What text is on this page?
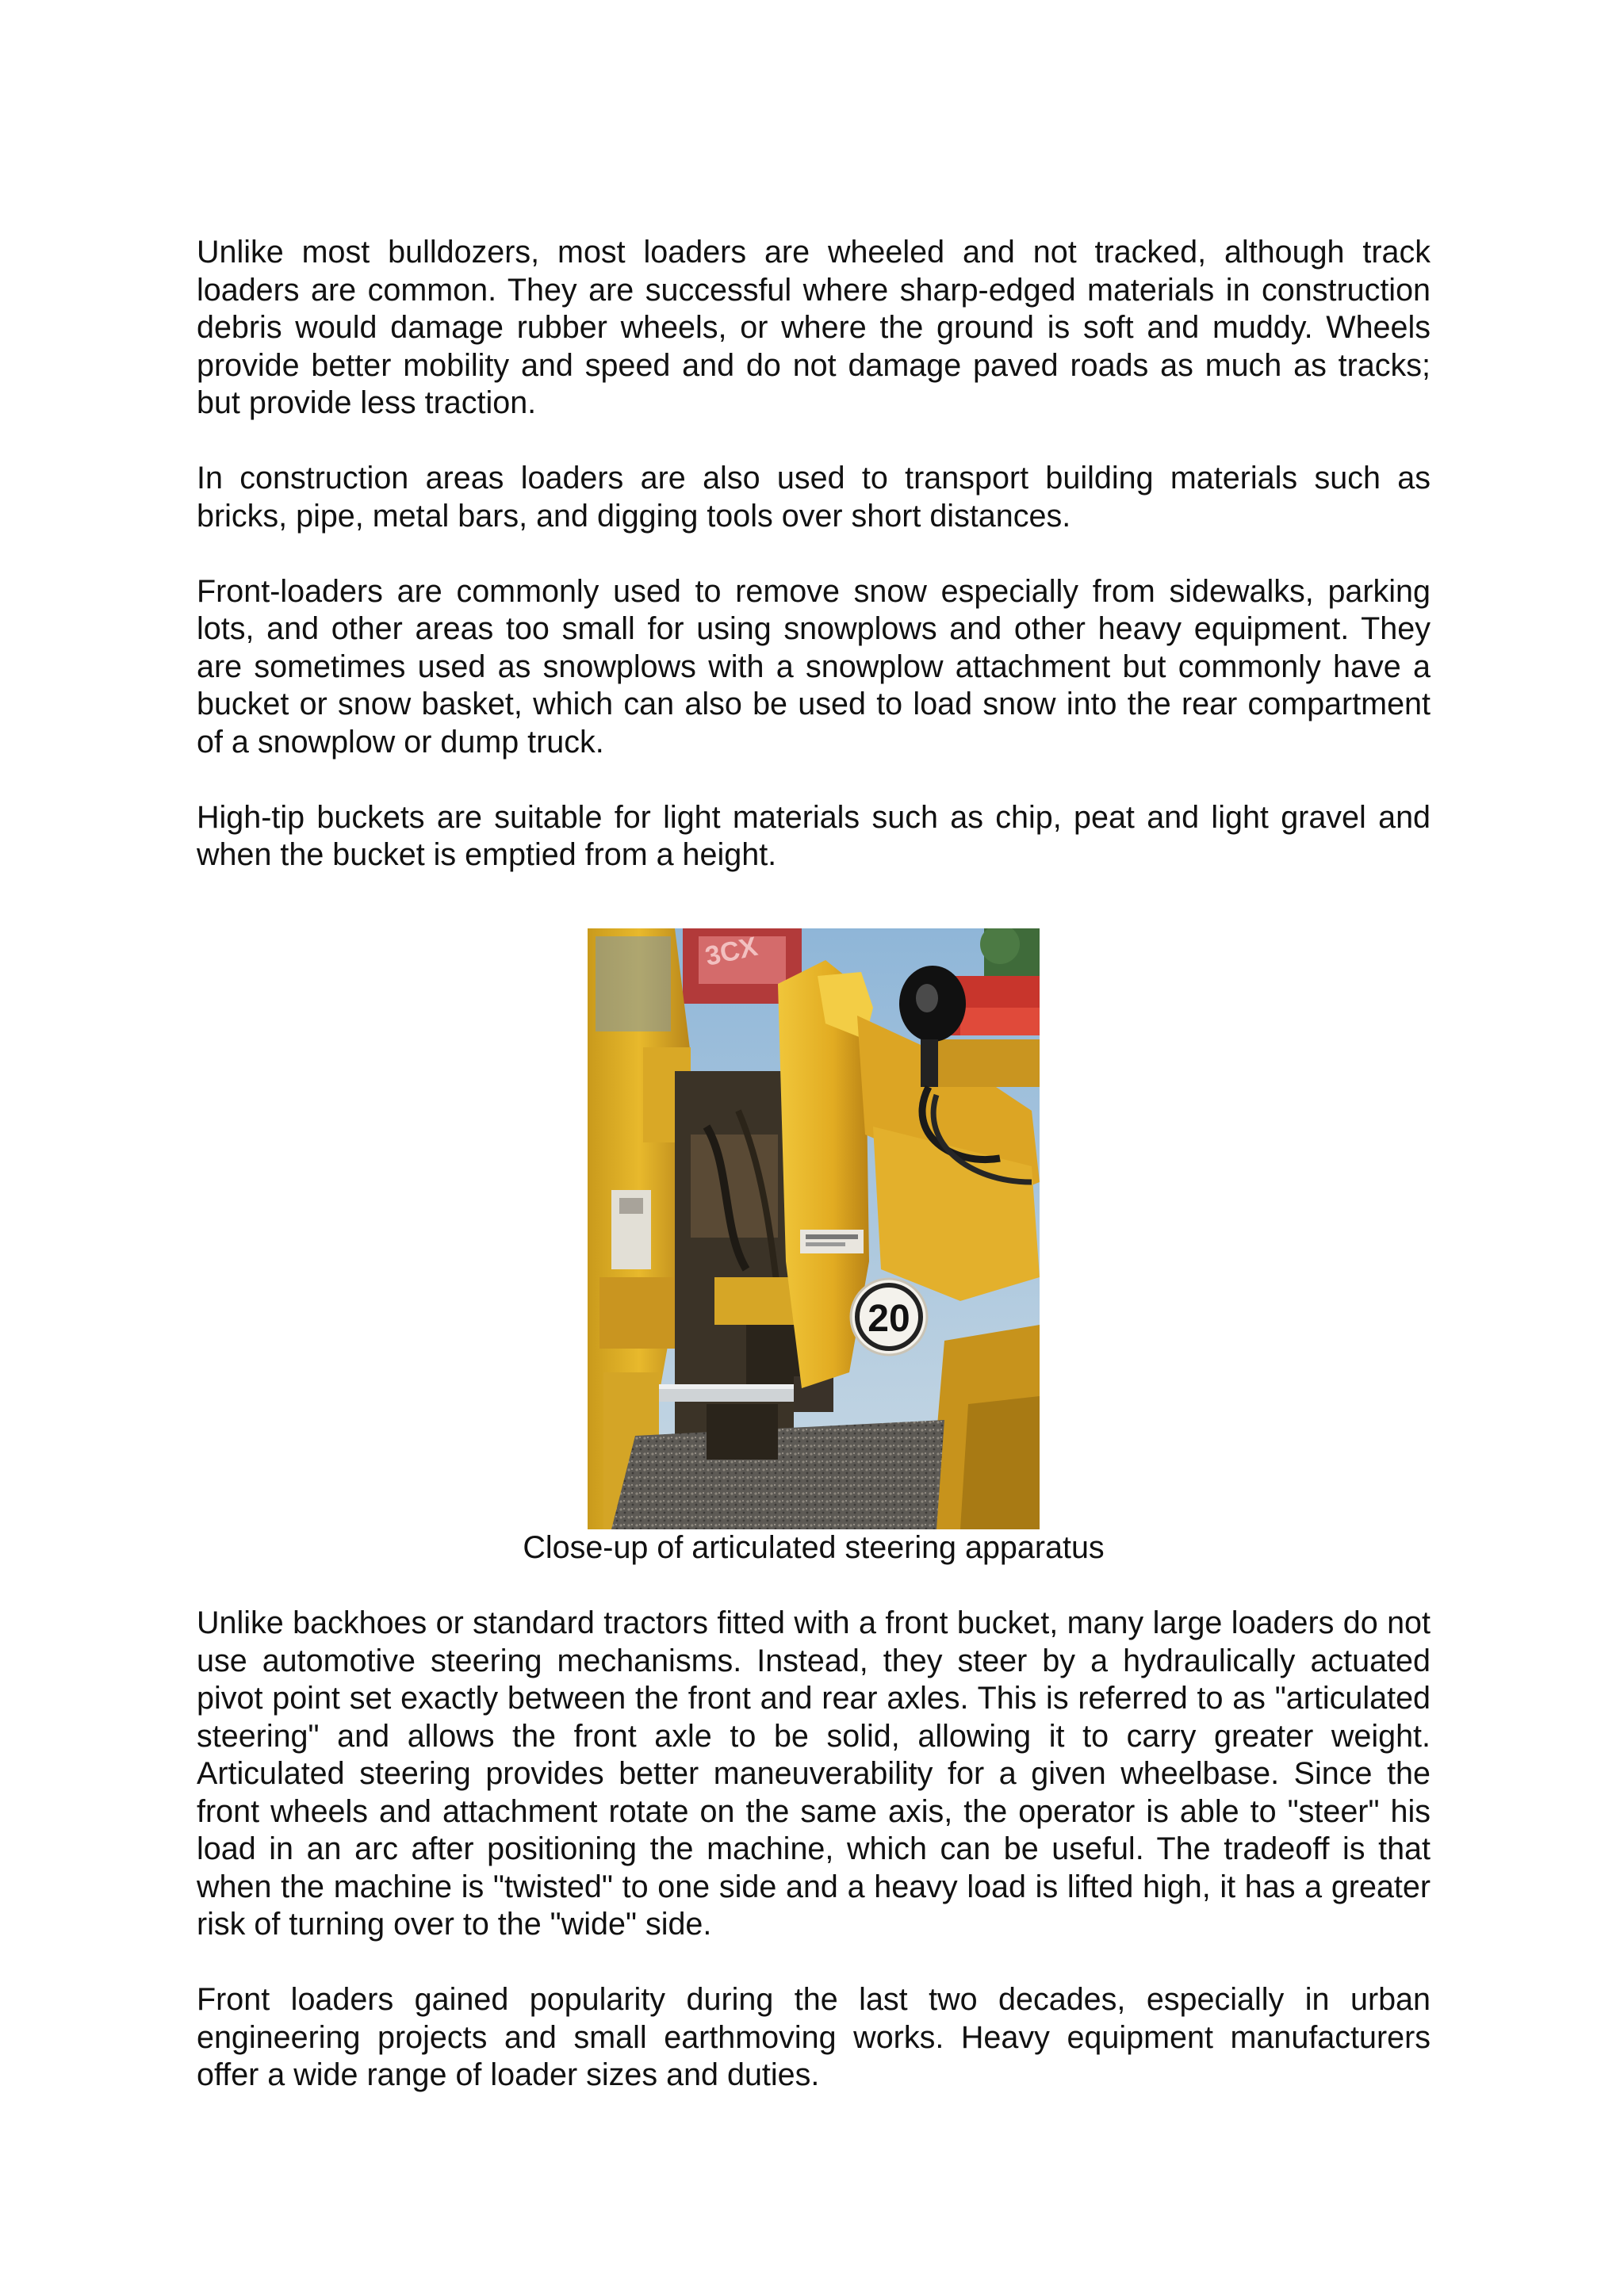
Unlike most bulldozers, most loaders are wheeled and not tracked, although track loaders are common. They are successful where sharp-edged materials in construction debris would damage rubber wheels, or where the ground is soft and muddy. Wheels provide better mobility and speed and do not damage paved roads as much as tracks; but provide less traction.

In construction areas loaders are also used to transport building materials such as bricks, pipe, metal bars, and digging tools over short distances.

Front-loaders are commonly used to remove snow especially from sidewalks, parking lots, and other areas too small for using snowplows and other heavy equipment. They are sometimes used as snowplows with a snowplow attachment but commonly have a bucket or snow basket, which can also be used to load snow into the rear compartment of a snowplow or dump truck.

High-tip buckets are suitable for light materials such as chip, peat and light gravel and when the bucket is emptied from a height.

3CX
20
Close-up of articulated steering apparatus

Unlike backhoes or standard tractors fitted with a front bucket, many large loaders do not use automotive steering mechanisms. Instead, they steer by a hydraulically actuated pivot point set exactly between the front and rear axles. This is referred to as "articulated steering" and allows the front axle to be solid, allowing it to carry greater weight. Articulated steering provides better maneuverability for a given wheelbase. Since the front wheels and attachment rotate on the same axis, the operator is able to "steer" his load in an arc after positioning the machine, which can be useful. The tradeoff is that when the machine is "twisted" to one side and a heavy load is lifted high, it has a greater risk of turning over to the "wide" side.

Front loaders gained popularity during the last two decades, especially in urban engineering projects and small earthmoving works. Heavy equipment manufacturers offer a wide range of loader sizes and duties.
